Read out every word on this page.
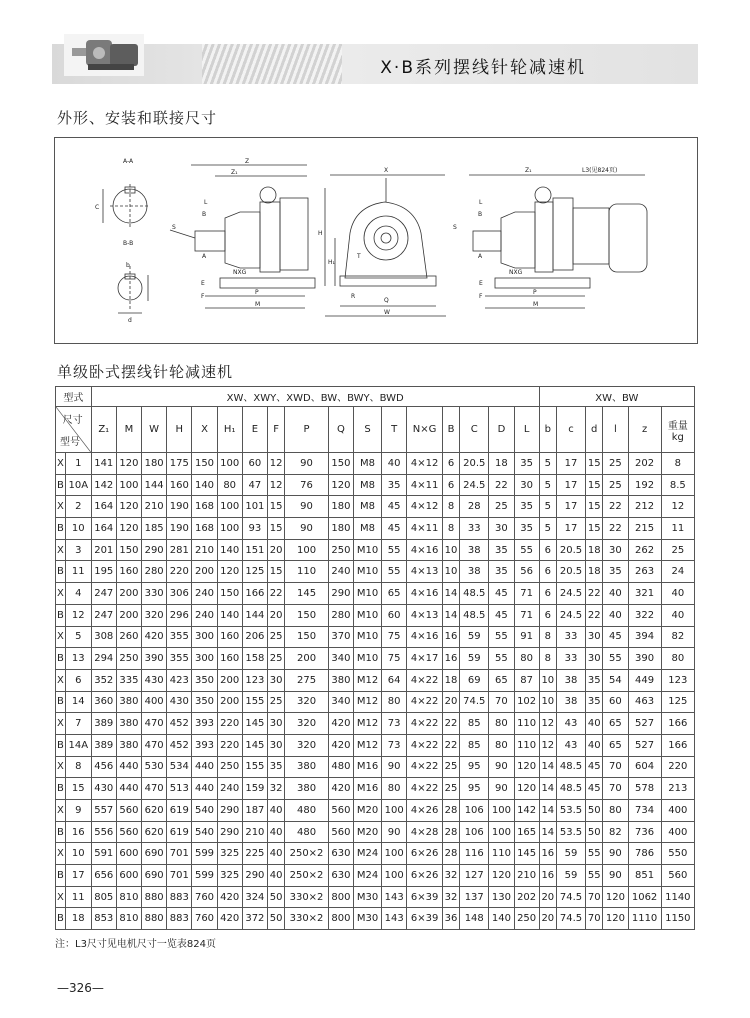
X·B系列摆线针轮减速机
外形、安装和联接尺寸
A-A
B-B
C
d
b
Z
Z₁
L
S
A
B
NXG
E
F
P
M
X
H
H₁
T
R
Q
W
Z₁	L3(见824页)
L
S
A
B
NXG
E
F
P
M
单级卧式摆线针轮减速机
型式		XW、XWY、XWD、BW、BWY、BWD																	XW、BW					

尺寸
型号		Z₁	M	W	H	X	H₁	E	F	P	Q	S	T	N×G	B	C	D	L	b	c	d	l	z	重量
kg
X	1	141	120	180	175	150	100	60	12	90	150	M8	40	4×12	6	20.5	18	35	5	17	15	25	202	8
B	10A	142	100	144	160	140	80	47	12	76	120	M8	35	4×11	6	24.5	22	30	5	17	15	25	192	8.5
X	2	164	120	210	190	168	100	101	15	90	180	M8	45	4×12	8	28	25	35	5	17	15	22	212	12
B	10	164	120	185	190	168	100	93	15	90	180	M8	45	4×11	8	33	30	35	5	17	15	22	215	11
X	3	201	150	290	281	210	140	151	20	100	250	M10	55	4×16	10	38	35	55	6	20.5	18	30	262	25
B	11	195	160	280	220	200	120	125	15	110	240	M10	55	4×13	10	38	35	56	6	20.5	18	35	263	24
X	4	247	200	330	306	240	150	166	22	145	290	M10	65	4×16	14	48.5	45	71	6	24.5	22	40	321	40
B	12	247	200	320	296	240	140	144	20	150	280	M10	60	4×13	14	48.5	45	71	6	24.5	22	40	322	40
X	5	308	260	420	355	300	160	206	25	150	370	M10	75	4×16	16	59	55	91	8	33	30	45	394	82
B	13	294	250	390	355	300	160	158	25	200	340	M10	75	4×17	16	59	55	80	8	33	30	55	390	80
X	6	352	335	430	423	350	200	123	30	275	380	M12	64	4×22	18	69	65	87	10	38	35	54	449	123
B	14	360	380	400	430	350	200	155	25	320	340	M12	80	4×22	20	74.5	70	102	10	38	35	60	463	125
X	7	389	380	470	452	393	220	145	30	320	420	M12	73	4×22	22	85	80	110	12	43	40	65	527	166
B	14A	389	380	470	452	393	220	145	30	320	420	M12	73	4×22	22	85	80	110	12	43	40	65	527	166
X	8	456	440	530	534	440	250	155	35	380	480	M16	90	4×22	25	95	90	120	14	48.5	45	70	604	220
B	15	430	440	470	513	440	240	159	32	380	420	M16	80	4×22	25	95	90	120	14	48.5	45	70	578	213
X	9	557	560	620	619	540	290	187	40	480	560	M20	100	4×26	28	106	100	142	14	53.5	50	80	734	400
B	16	556	560	620	619	540	290	210	40	480	560	M20	90	4×28	28	106	100	165	14	53.5	50	82	736	400
X	10	591	600	690	701	599	325	225	40	250×2	630	M24	100	6×26	28	116	110	145	16	59	55	90	786	550
B	17	656	600	690	701	599	325	290	40	250×2	630	M24	100	6×26	32	127	120	210	16	59	55	90	851	560
X	11	805	810	880	883	760	420	324	50	330×2	800	M30	143	6×39	32	137	130	202	20	74.5	70	120	1062	1140
B	18	853	810	880	883	760	420	372	50	330×2	800	M30	143	6×39	36	148	140	250	20	74.5	70	120	1110	1150
注：L3尺寸见电机尺寸一览表824页
—326—
